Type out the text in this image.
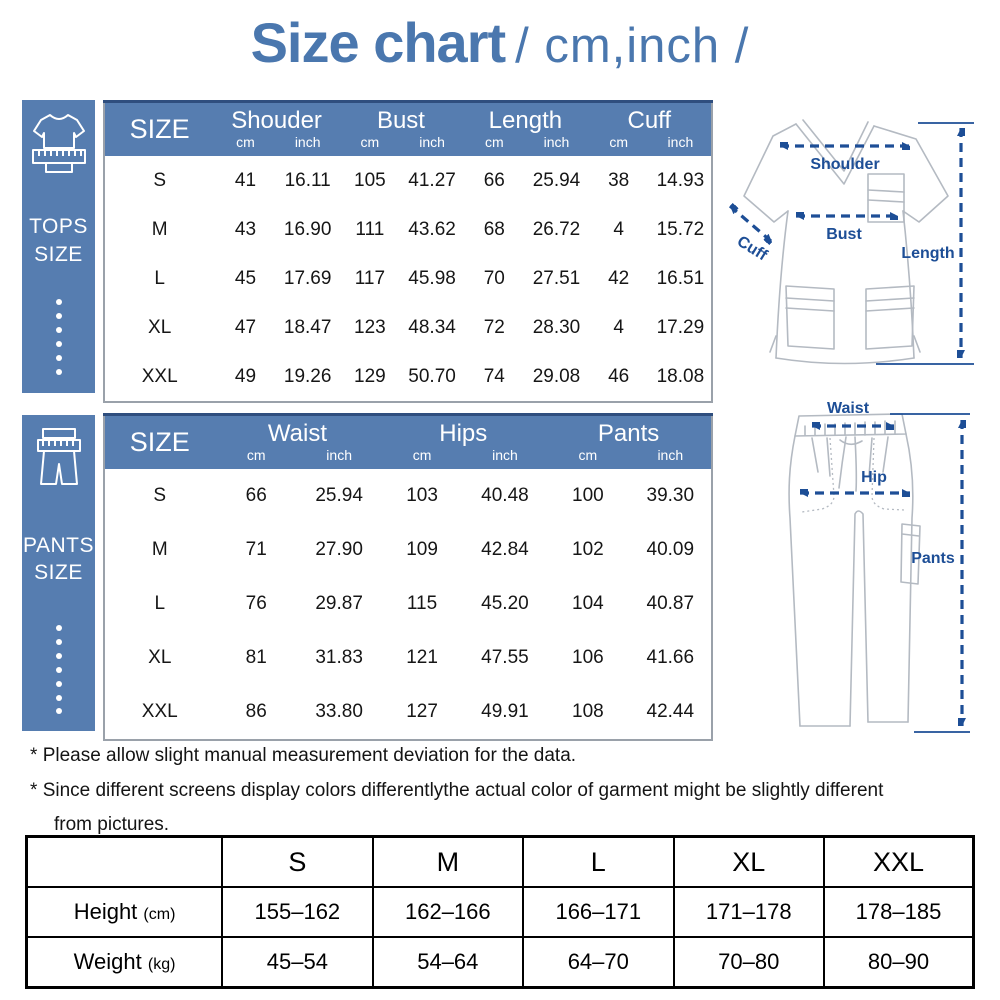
Size chart / cm,inch /
TOPS
SIZE
SIZE	Shouder		Bust		Length		Cuff	
	cm	inch	cm	inch	cm	inch	cm	inch
S	41	16.11	105	41.27	66	25.94	38	14.93
M	43	16.90	111	43.62	68	26.72	4	15.72
L	45	17.69	117	45.98	70	27.51	42	16.51
XL	47	18.47	123	48.34	72	28.30	4	17.29
XXL	49	19.26	129	50.70	74	29.08	46	18.08
Shoulder
Bust
Cuff	Length
PANTS
SIZE
SIZE	Waist		Hips		Pants	
	cm	inch	cm	inch	cm	inch
S	66	25.94	103	40.48	100	39.30
M	71	27.90	109	42.84	102	40.09
L	76	29.87	115	45.20	104	40.87
XL	81	31.83	121	47.55	106	41.66
XXL	86	33.80	127	49.91	108	42.44
Waist
Hip
Pants
* Please allow slight manual measurement deviation for the data.
* Since different screens display colors differentlythe actual color of garment might be slightly different
from pictures.
	S	M	L	XL	XXL
Height (cm)	155–162	162–166	166–171	171–178	178–185
Weight (kg)	45–54	54–64	64–70	70–80	80–90
